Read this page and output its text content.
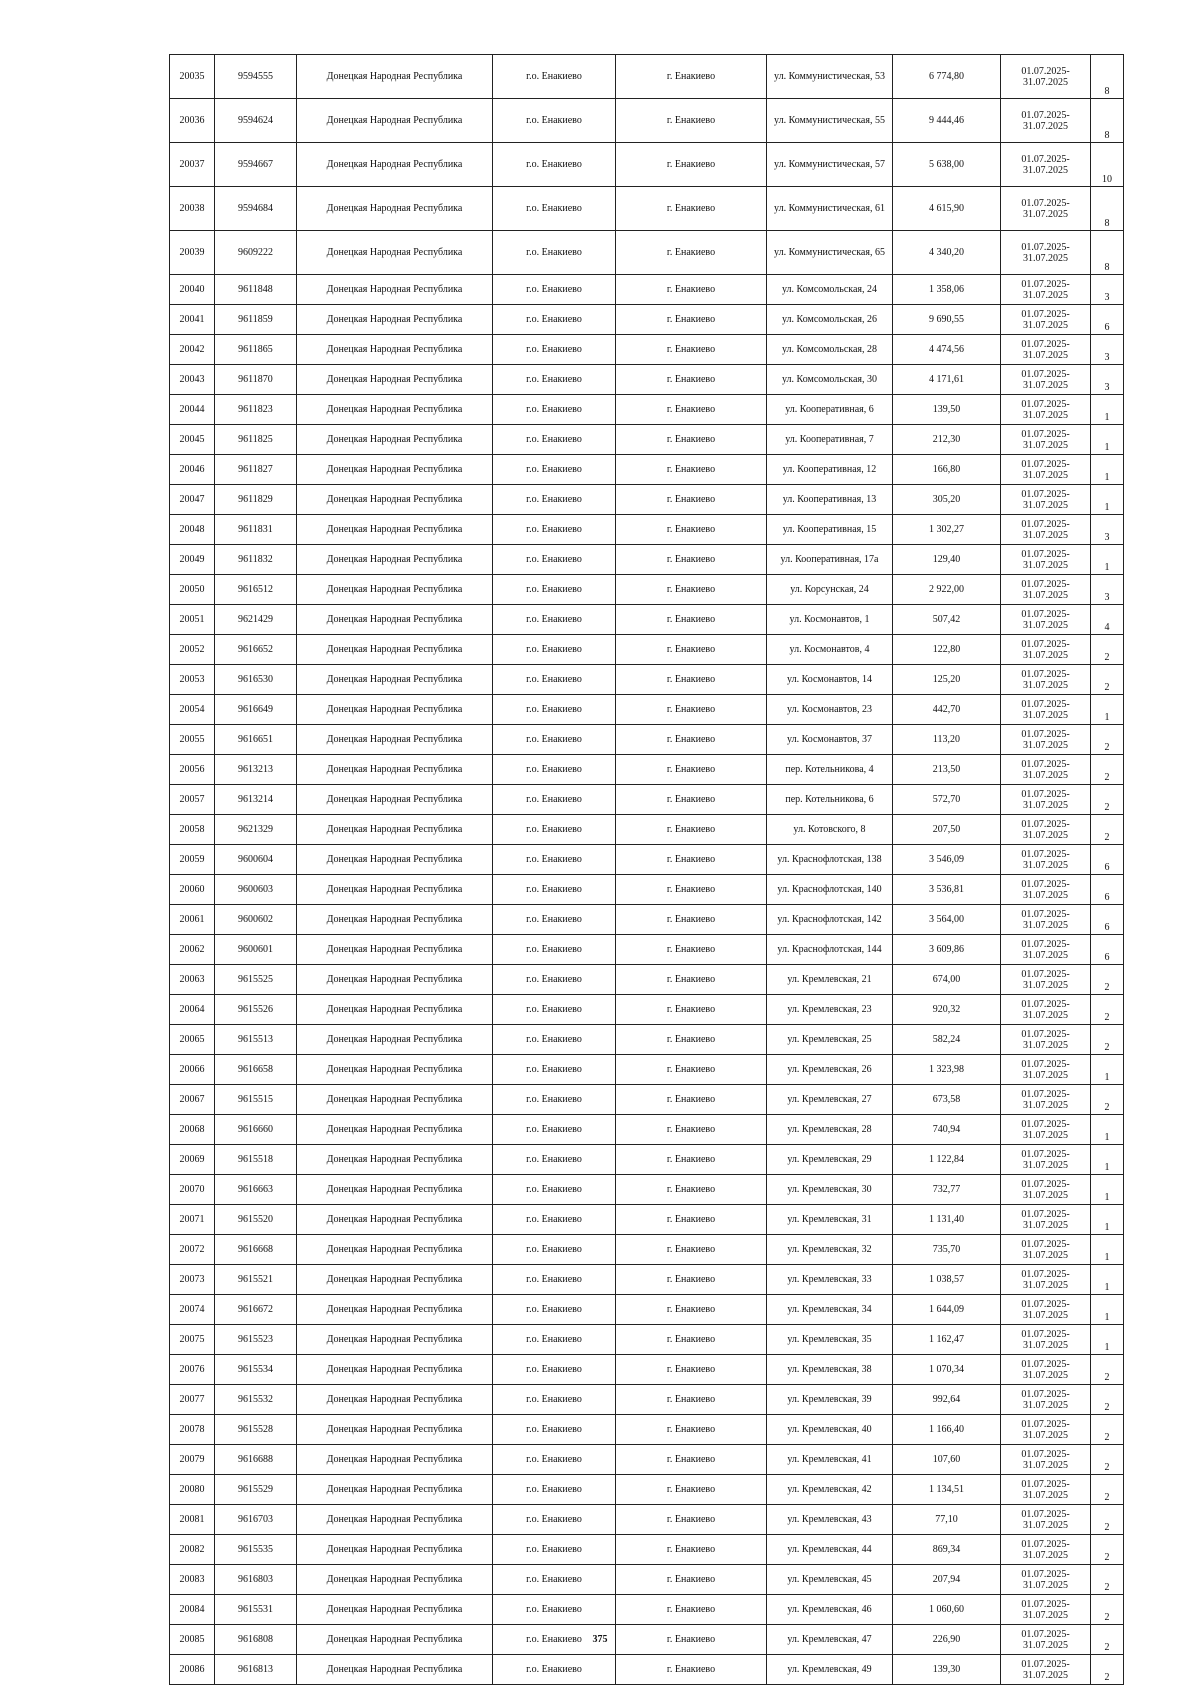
20035	9594555	Донецкая Народная Республика	г.о. Енакиево	г. Енакиево	ул. Коммунистическая, 53	6 774,80	01.07.2025-31.07.2025	8
20036	9594624	Донецкая Народная Республика	г.о. Енакиево	г. Енакиево	ул. Коммунистическая, 55	9 444,46	01.07.2025-31.07.2025	8
20037	9594667	Донецкая Народная Республика	г.о. Енакиево	г. Енакиево	ул. Коммунистическая, 57	5 638,00	01.07.2025-31.07.2025	10
20038	9594684	Донецкая Народная Республика	г.о. Енакиево	г. Енакиево	ул. Коммунистическая, 61	4 615,90	01.07.2025-31.07.2025	8
20039	9609222	Донецкая Народная Республика	г.о. Енакиево	г. Енакиево	ул. Коммунистическая, 65	4 340,20	01.07.2025-31.07.2025	8
20040	9611848	Донецкая Народная Республика	г.о. Енакиево	г. Енакиево	ул. Комсомольская, 24	1 358,06	01.07.2025-31.07.2025	3
20041	9611859	Донецкая Народная Республика	г.о. Енакиево	г. Енакиево	ул. Комсомольская, 26	9 690,55	01.07.2025-31.07.2025	6
20042	9611865	Донецкая Народная Республика	г.о. Енакиево	г. Енакиево	ул. Комсомольская, 28	4 474,56	01.07.2025-31.07.2025	3
20043	9611870	Донецкая Народная Республика	г.о. Енакиево	г. Енакиево	ул. Комсомольская, 30	4 171,61	01.07.2025-31.07.2025	3
20044	9611823	Донецкая Народная Республика	г.о. Енакиево	г. Енакиево	ул. Кооперативная, 6	139,50	01.07.2025-31.07.2025	1
20045	9611825	Донецкая Народная Республика	г.о. Енакиево	г. Енакиево	ул. Кооперативная, 7	212,30	01.07.2025-31.07.2025	1
20046	9611827	Донецкая Народная Республика	г.о. Енакиево	г. Енакиево	ул. Кооперативная, 12	166,80	01.07.2025-31.07.2025	1
20047	9611829	Донецкая Народная Республика	г.о. Енакиево	г. Енакиево	ул. Кооперативная, 13	305,20	01.07.2025-31.07.2025	1
20048	9611831	Донецкая Народная Республика	г.о. Енакиево	г. Енакиево	ул. Кооперативная, 15	1 302,27	01.07.2025-31.07.2025	3
20049	9611832	Донецкая Народная Республика	г.о. Енакиево	г. Енакиево	ул. Кооперативная, 17а	129,40	01.07.2025-31.07.2025	1
20050	9616512	Донецкая Народная Республика	г.о. Енакиево	г. Енакиево	ул. Корсунская, 24	2 922,00	01.07.2025-31.07.2025	3
20051	9621429	Донецкая Народная Республика	г.о. Енакиево	г. Енакиево	ул. Космонавтов, 1	507,42	01.07.2025-31.07.2025	4
20052	9616652	Донецкая Народная Республика	г.о. Енакиево	г. Енакиево	ул. Космонавтов, 4	122,80	01.07.2025-31.07.2025	2
20053	9616530	Донецкая Народная Республика	г.о. Енакиево	г. Енакиево	ул. Космонавтов, 14	125,20	01.07.2025-31.07.2025	2
20054	9616649	Донецкая Народная Республика	г.о. Енакиево	г. Енакиево	ул. Космонавтов, 23	442,70	01.07.2025-31.07.2025	1
20055	9616651	Донецкая Народная Республика	г.о. Енакиево	г. Енакиево	ул. Космонавтов, 37	113,20	01.07.2025-31.07.2025	2
20056	9613213	Донецкая Народная Республика	г.о. Енакиево	г. Енакиево	пер. Котельникова, 4	213,50	01.07.2025-31.07.2025	2
20057	9613214	Донецкая Народная Республика	г.о. Енакиево	г. Енакиево	пер. Котельникова, 6	572,70	01.07.2025-31.07.2025	2
20058	9621329	Донецкая Народная Республика	г.о. Енакиево	г. Енакиево	ул. Котовского, 8	207,50	01.07.2025-31.07.2025	2
20059	9600604	Донецкая Народная Республика	г.о. Енакиево	г. Енакиево	ул. Краснофлотская, 138	3 546,09	01.07.2025-31.07.2025	6
20060	9600603	Донецкая Народная Республика	г.о. Енакиево	г. Енакиево	ул. Краснофлотская, 140	3 536,81	01.07.2025-31.07.2025	6
20061	9600602	Донецкая Народная Республика	г.о. Енакиево	г. Енакиево	ул. Краснофлотская, 142	3 564,00	01.07.2025-31.07.2025	6
20062	9600601	Донецкая Народная Республика	г.о. Енакиево	г. Енакиево	ул. Краснофлотская, 144	3 609,86	01.07.2025-31.07.2025	6
20063	9615525	Донецкая Народная Республика	г.о. Енакиево	г. Енакиево	ул. Кремлевская, 21	674,00	01.07.2025-31.07.2025	2
20064	9615526	Донецкая Народная Республика	г.о. Енакиево	г. Енакиево	ул. Кремлевская, 23	920,32	01.07.2025-31.07.2025	2
20065	9615513	Донецкая Народная Республика	г.о. Енакиево	г. Енакиево	ул. Кремлевская, 25	582,24	01.07.2025-31.07.2025	2
20066	9616658	Донецкая Народная Республика	г.о. Енакиево	г. Енакиево	ул. Кремлевская, 26	1 323,98	01.07.2025-31.07.2025	1
20067	9615515	Донецкая Народная Республика	г.о. Енакиево	г. Енакиево	ул. Кремлевская, 27	673,58	01.07.2025-31.07.2025	2
20068	9616660	Донецкая Народная Республика	г.о. Енакиево	г. Енакиево	ул. Кремлевская, 28	740,94	01.07.2025-31.07.2025	1
20069	9615518	Донецкая Народная Республика	г.о. Енакиево	г. Енакиево	ул. Кремлевская, 29	1 122,84	01.07.2025-31.07.2025	1
20070	9616663	Донецкая Народная Республика	г.о. Енакиево	г. Енакиево	ул. Кремлевская, 30	732,77	01.07.2025-31.07.2025	1
20071	9615520	Донецкая Народная Республика	г.о. Енакиево	г. Енакиево	ул. Кремлевская, 31	1 131,40	01.07.2025-31.07.2025	1
20072	9616668	Донецкая Народная Республика	г.о. Енакиево	г. Енакиево	ул. Кремлевская, 32	735,70	01.07.2025-31.07.2025	1
20073	9615521	Донецкая Народная Республика	г.о. Енакиево	г. Енакиево	ул. Кремлевская, 33	1 038,57	01.07.2025-31.07.2025	1
20074	9616672	Донецкая Народная Республика	г.о. Енакиево	г. Енакиево	ул. Кремлевская, 34	1 644,09	01.07.2025-31.07.2025	1
20075	9615523	Донецкая Народная Республика	г.о. Енакиево	г. Енакиево	ул. Кремлевская, 35	1 162,47	01.07.2025-31.07.2025	1
20076	9615534	Донецкая Народная Республика	г.о. Енакиево	г. Енакиево	ул. Кремлевская, 38	1 070,34	01.07.2025-31.07.2025	2
20077	9615532	Донецкая Народная Республика	г.о. Енакиево	г. Енакиево	ул. Кремлевская, 39	992,64	01.07.2025-31.07.2025	2
20078	9615528	Донецкая Народная Республика	г.о. Енакиево	г. Енакиево	ул. Кремлевская, 40	1 166,40	01.07.2025-31.07.2025	2
20079	9616688	Донецкая Народная Республика	г.о. Енакиево	г. Енакиево	ул. Кремлевская, 41	107,60	01.07.2025-31.07.2025	2
20080	9615529	Донецкая Народная Республика	г.о. Енакиево	г. Енакиево	ул. Кремлевская, 42	1 134,51	01.07.2025-31.07.2025	2
20081	9616703	Донецкая Народная Республика	г.о. Енакиево	г. Енакиево	ул. Кремлевская, 43	77,10	01.07.2025-31.07.2025	2
20082	9615535	Донецкая Народная Республика	г.о. Енакиево	г. Енакиево	ул. Кремлевская, 44	869,34	01.07.2025-31.07.2025	2
20083	9616803	Донецкая Народная Республика	г.о. Енакиево	г. Енакиево	ул. Кремлевская, 45	207,94	01.07.2025-31.07.2025	2
20084	9615531	Донецкая Народная Республика	г.о. Енакиево	г. Енакиево	ул. Кремлевская, 46	1 060,60	01.07.2025-31.07.2025	2
20085	9616808	Донецкая Народная Республика	г.о. Енакиево	г. Енакиево	ул. Кремлевская, 47	226,90	01.07.2025-31.07.2025	2
20086	9616813	Донецкая Народная Республика	г.о. Енакиево	г. Енакиево	ул. Кремлевская, 49	139,30	01.07.2025-31.07.2025	2
375
